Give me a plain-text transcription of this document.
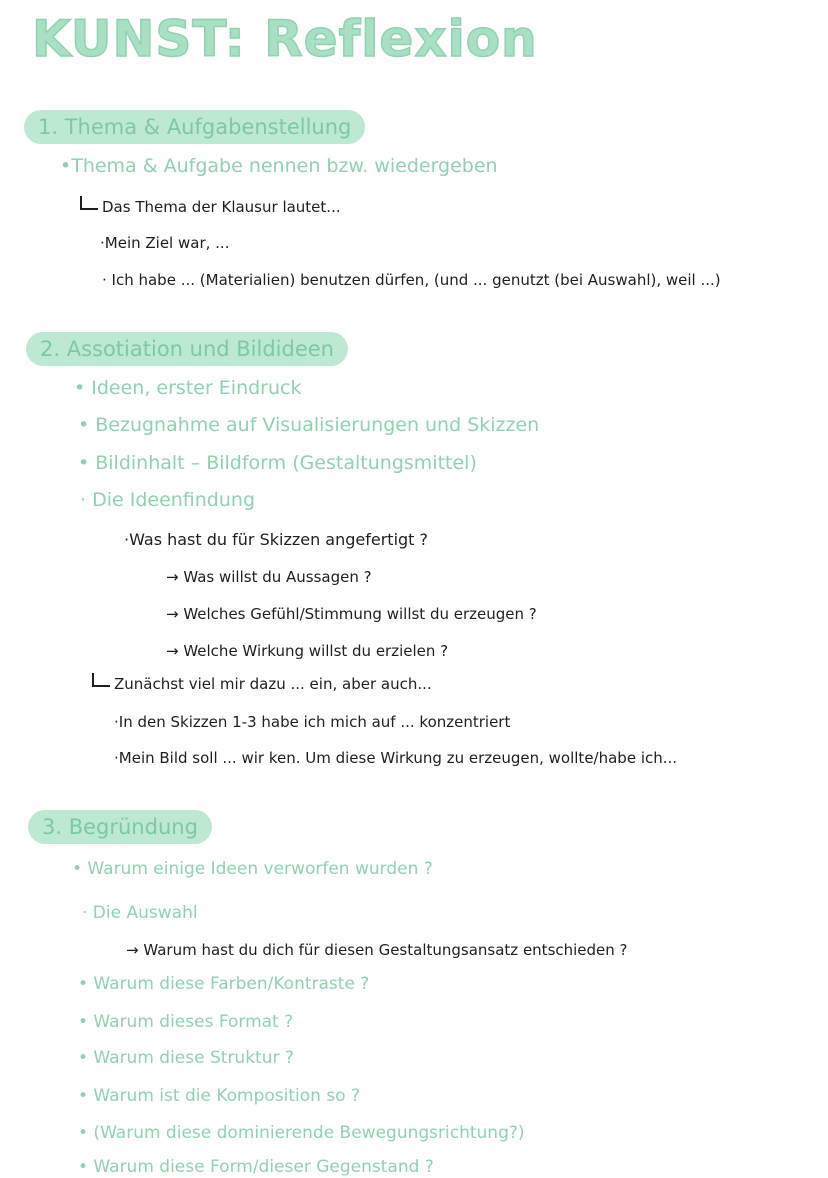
KUNST: Reflexion
1. Thema & Aufgabenstellung
•Thema & Aufgabe nennen bzw. wiedergeben
Das Thema der Klausur lautet...
·Mein Ziel war, ...
· Ich habe ... (Materialien) benutzen dürfen, (und ... genutzt (bei Auswahl), weil ...)
2. Assotiation und Bildideen
• Ideen, erster Eindruck
• Bezugnahme auf Visualisierungen und Skizzen
• Bildinhalt – Bildform (Gestaltungsmittel)
· Die Ideenfindung
·Was hast du für Skizzen angefertigt ?
→ Was willst du Aussagen ?
→ Welches Gefühl/Stimmung willst du erzeugen ?
→ Welche Wirkung willst du erzielen ?
Zunächst viel mir dazu ... ein, aber auch...
·In den Skizzen 1-3 habe ich mich auf ... konzentriert
·Mein Bild soll ... wir ken. Um diese Wirkung zu erzeugen, wollte/habe ich...
3. Begründung
• Warum einige Ideen verworfen wurden ?
· Die Auswahl
→ Warum hast du dich für diesen Gestaltungsansatz entschieden ?
• Warum diese Farben/Kontraste ?
• Warum dieses Format ?
• Warum diese Struktur ?
• Warum ist die Komposition so ?
• (Warum diese dominierende Bewegungsrichtung?)
• Warum diese Form/dieser Gegenstand ?
